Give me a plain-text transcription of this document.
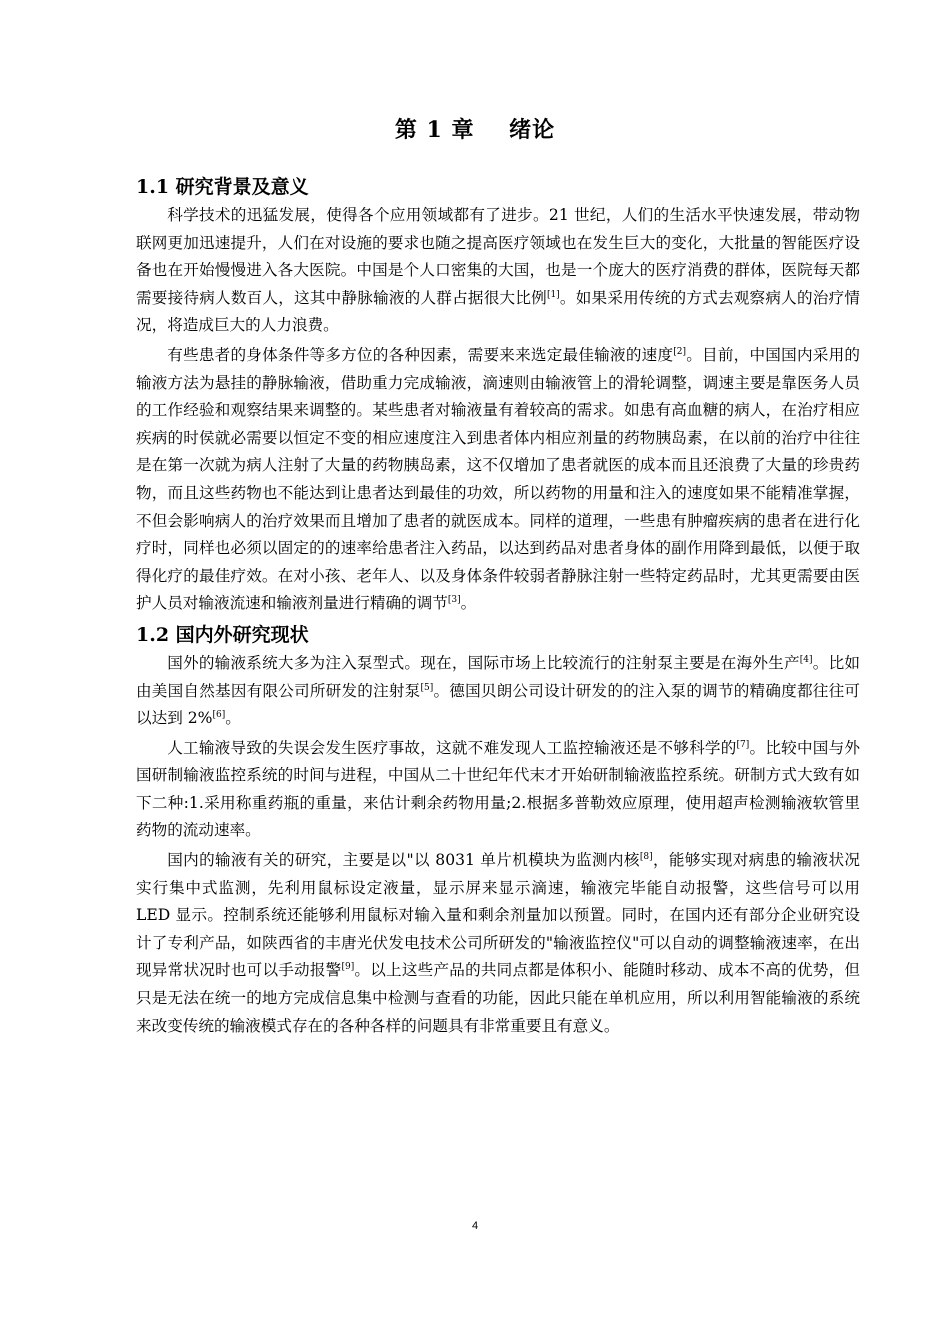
第 1 章    绪论
1.1 研究背景及意义

科学技术的迅猛发展，使得各个应用领域都有了进步。21 世纪，人们的生活水平快速发展，带动物联网更加迅速提升，人们在对设施的要求也随之提高医疗领域也在发生巨大的变化，大批量的智能医疗设备也在开始慢慢进入各大医院。中国是个人口密集的大国，也是一个庞大的医疗消费的群体，医院每天都需要接待病人数百人，这其中静脉输液的人群占据很大比例[1]。如果采用传统的方式去观察病人的治疗情况，将造成巨大的人力浪费。

有些患者的身体条件等多方位的各种因素，需要来来选定最佳输液的速度[2]。目前，中国国内采用的输液方法为悬挂的静脉输液，借助重力完成输液，滴速则由输液管上的滑轮调整，调速主要是靠医务人员的工作经验和观察结果来调整的。某些患者对输液量有着较高的需求。如患有高血糖的病人，在治疗相应疾病的时侯就必需要以恒定不变的相应速度注入到患者体内相应剂量的药物胰岛素，在以前的治疗中往往是在第一次就为病人注射了大量的药物胰岛素，这不仅增加了患者就医的成本而且还浪费了大量的珍贵药物，而且这些药物也不能达到让患者达到最佳的功效，所以药物的用量和注入的速度如果不能精准掌握，不但会影响病人的治疗效果而且增加了患者的就医成本。同样的道理，一些患有肿瘤疾病的患者在进行化疗时，同样也必须以固定的的速率给患者注入药品，以达到药品对患者身体的副作用降到最低，以便于取得化疗的最佳疗效。在对小孩、老年人、以及身体条件较弱者静脉注射一些特定药品时，尤其更需要由医护人员对输液流速和输液剂量进行精确的调节[3]。

1.2 国内外研究现状

国外的输液系统大多为注入泵型式。现在，国际市场上比较流行的注射泵主要是在海外生产[4]。比如由美国自然基因有限公司所研发的注射泵[5]。德国贝朗公司设计研发的的注入泵的调节的精确度都往往可以达到 2%[6]。

人工输液导致的失误会发生医疗事故，这就不难发现人工监控输液还是不够科学的[7]。比较中国与外国研制输液监控系统的时间与进程，中国从二十世纪年代末才开始研制输液监控系统。研制方式大致有如下二种:1.采用称重药瓶的重量，来估计剩余药物用量;2.根据多普勒效应原理，使用超声检测输液软管里药物的流动速率。

国内的输液有关的研究，主要是以"以 8031 单片机模块为监测内核[8]，能够实现对病患的输液状况实行集中式监测，先利用鼠标设定液量，显示屏来显示滴速，输液完毕能自动报警，这些信号可以用 LED 显示。控制系统还能够利用鼠标对输入量和剩余剂量加以预置。同时，在国内还有部分企业研究设计了专利产品，如陕西省的丰唐光伏发电技术公司所研发的"输液监控仪"可以自动的调整输液速率，在出现异常状况时也可以手动报警[9]。以上这些产品的共同点都是体积小、能随时移动、成本不高的优势，但只是无法在统一的地方完成信息集中检测与查看的功能，因此只能在单机应用，所以利用智能输液的系统来改变传统的输液模式存在的各种各样的问题具有非常重要且有意义。

4
